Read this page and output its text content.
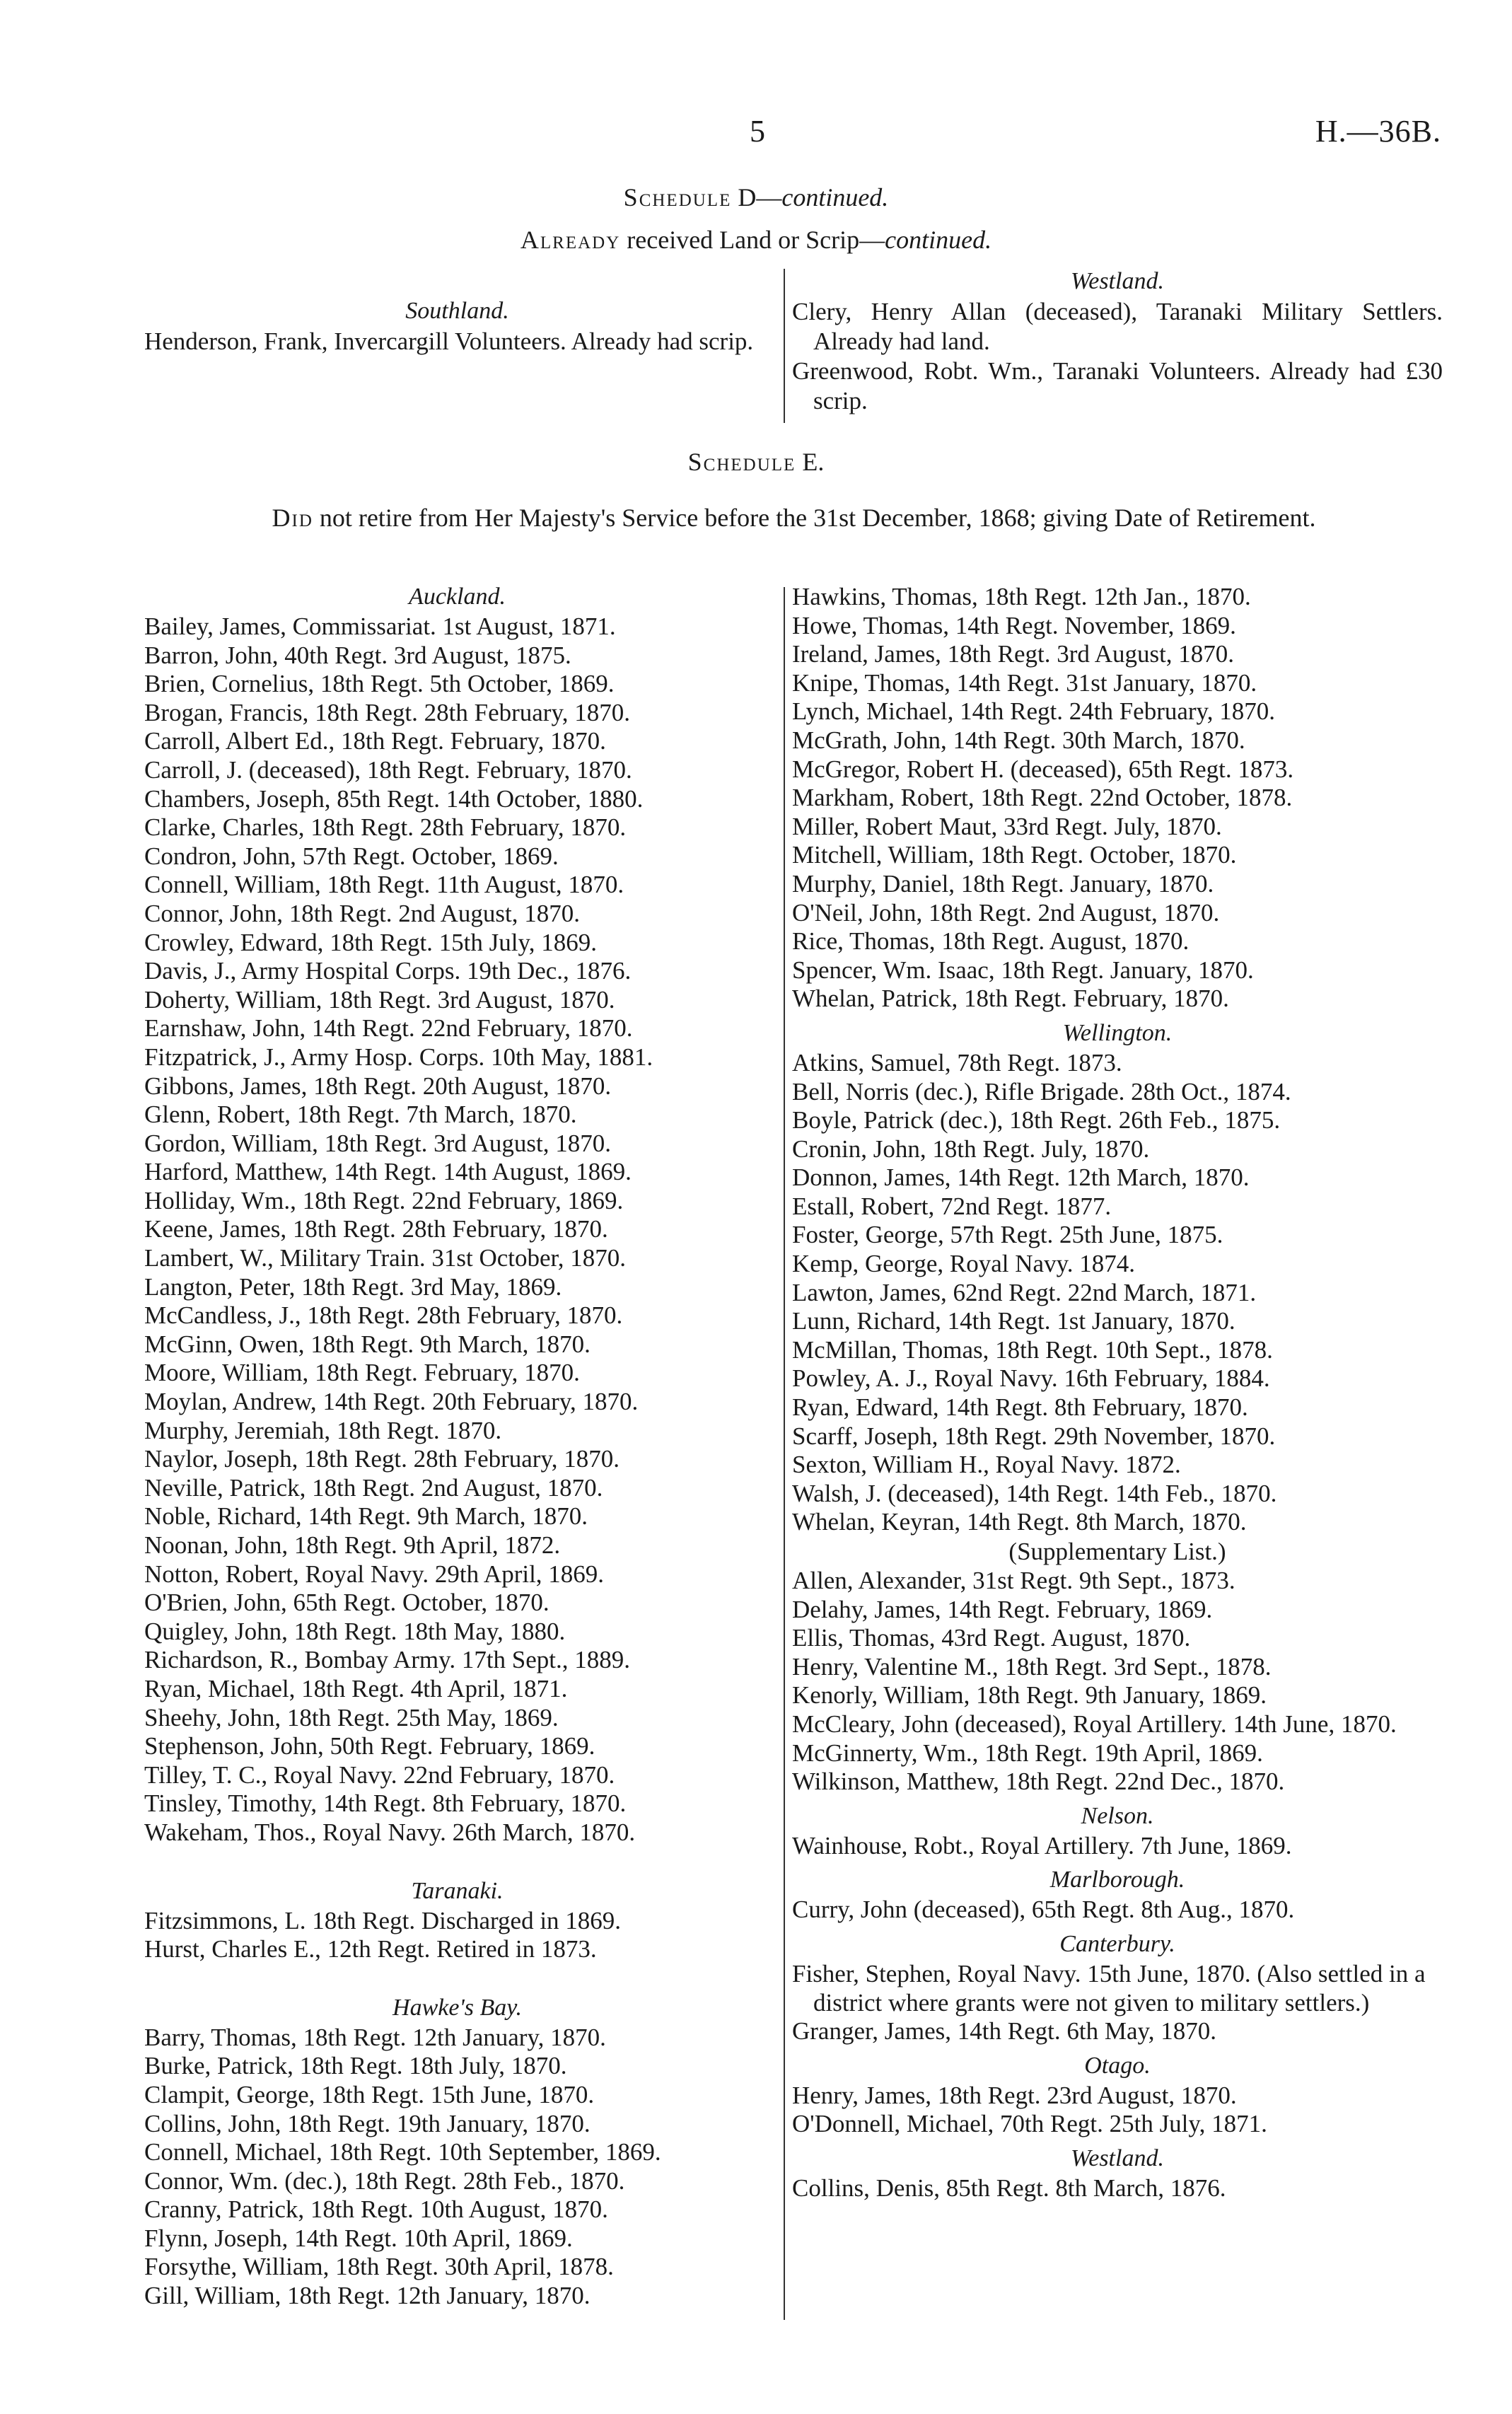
5	H.—36B.
Schedule D—continued.
Already received Land or Scrip—continued.
Southland.
Henderson, Frank, Invercargill Volunteers. Already had scrip.
Westland.
Clery, Henry Allan (deceased), Taranaki Military Settlers. Already had land.
Greenwood, Robt. Wm., Taranaki Volunteers. Already had £30 scrip.
Schedule E.
Did not retire from Her Majesty's Service before the 31st December, 1868; giving Date of Retirement.
Auckland.
Bailey, James, Commissariat. 1st August, 1871.
Barron, John, 40th Regt. 3rd August, 1875.
Brien, Cornelius, 18th Regt. 5th October, 1869.
Brogan, Francis, 18th Regt. 28th February, 1870.
Carroll, Albert Ed., 18th Regt. February, 1870.
Carroll, J. (deceased), 18th Regt. February, 1870.
Chambers, Joseph, 85th Regt. 14th October, 1880.
Clarke, Charles, 18th Regt. 28th February, 1870.
Condron, John, 57th Regt. October, 1869.
Connell, William, 18th Regt. 11th August, 1870.
Connor, John, 18th Regt. 2nd August, 1870.
Crowley, Edward, 18th Regt. 15th July, 1869.
Davis, J., Army Hospital Corps. 19th Dec., 1876.
Doherty, William, 18th Regt. 3rd August, 1870.
Earnshaw, John, 14th Regt. 22nd February, 1870.
Fitzpatrick, J., Army Hosp. Corps. 10th May, 1881.
Gibbons, James, 18th Regt. 20th August, 1870.
Glenn, Robert, 18th Regt. 7th March, 1870.
Gordon, William, 18th Regt. 3rd August, 1870.
Harford, Matthew, 14th Regt. 14th August, 1869.
Holliday, Wm., 18th Regt. 22nd February, 1869.
Keene, James, 18th Regt. 28th February, 1870.
Lambert, W., Military Train. 31st October, 1870.
Langton, Peter, 18th Regt. 3rd May, 1869.
McCandless, J., 18th Regt. 28th February, 1870.
McGinn, Owen, 18th Regt. 9th March, 1870.
Moore, William, 18th Regt. February, 1870.
Moylan, Andrew, 14th Regt. 20th February, 1870.
Murphy, Jeremiah, 18th Regt. 1870.
Naylor, Joseph, 18th Regt. 28th February, 1870.
Neville, Patrick, 18th Regt. 2nd August, 1870.
Noble, Richard, 14th Regt. 9th March, 1870.
Noonan, John, 18th Regt. 9th April, 1872.
Notton, Robert, Royal Navy. 29th April, 1869.
O'Brien, John, 65th Regt. October, 1870.
Quigley, John, 18th Regt. 18th May, 1880.
Richardson, R., Bombay Army. 17th Sept., 1889.
Ryan, Michael, 18th Regt. 4th April, 1871.
Sheehy, John, 18th Regt. 25th May, 1869.
Stephenson, John, 50th Regt. February, 1869.
Tilley, T. C., Royal Navy. 22nd February, 1870.
Tinsley, Timothy, 14th Regt. 8th February, 1870.
Wakeham, Thos., Royal Navy. 26th March, 1870.
Taranaki.
Fitzsimmons, L. 18th Regt. Discharged in 1869.
Hurst, Charles E., 12th Regt. Retired in 1873.
Hawke's Bay.
Barry, Thomas, 18th Regt. 12th January, 1870.
Burke, Patrick, 18th Regt. 18th July, 1870.
Clampit, George, 18th Regt. 15th June, 1870.
Collins, John, 18th Regt. 19th January, 1870.
Connell, Michael, 18th Regt. 10th September, 1869.
Connor, Wm. (dec.), 18th Regt. 28th Feb., 1870.
Cranny, Patrick, 18th Regt. 10th August, 1870.
Flynn, Joseph, 14th Regt. 10th April, 1869.
Forsythe, William, 18th Regt. 30th April, 1878.
Gill, William, 18th Regt. 12th January, 1870.
Hawkins, Thomas, 18th Regt. 12th Jan., 1870.
Howe, Thomas, 14th Regt. November, 1869.
Ireland, James, 18th Regt. 3rd August, 1870.
Knipe, Thomas, 14th Regt. 31st January, 1870.
Lynch, Michael, 14th Regt. 24th February, 1870.
McGrath, John, 14th Regt. 30th March, 1870.
McGregor, Robert H. (deceased), 65th Regt. 1873.
Markham, Robert, 18th Regt. 22nd October, 1878.
Miller, Robert Maut, 33rd Regt. July, 1870.
Mitchell, William, 18th Regt. October, 1870.
Murphy, Daniel, 18th Regt. January, 1870.
O'Neil, John, 18th Regt. 2nd August, 1870.
Rice, Thomas, 18th Regt. August, 1870.
Spencer, Wm. Isaac, 18th Regt. January, 1870.
Whelan, Patrick, 18th Regt. February, 1870.
Wellington.
Atkins, Samuel, 78th Regt. 1873.
Bell, Norris (dec.), Rifle Brigade. 28th Oct., 1874.
Boyle, Patrick (dec.), 18th Regt. 26th Feb., 1875.
Cronin, John, 18th Regt. July, 1870.
Donnon, James, 14th Regt. 12th March, 1870.
Estall, Robert, 72nd Regt. 1877.
Foster, George, 57th Regt. 25th June, 1875.
Kemp, George, Royal Navy. 1874.
Lawton, James, 62nd Regt. 22nd March, 1871.
Lunn, Richard, 14th Regt. 1st January, 1870.
McMillan, Thomas, 18th Regt. 10th Sept., 1878.
Powley, A. J., Royal Navy. 16th February, 1884.
Ryan, Edward, 14th Regt. 8th February, 1870.
Scarff, Joseph, 18th Regt. 29th November, 1870.
Sexton, William H., Royal Navy. 1872.
Walsh, J. (deceased), 14th Regt. 14th Feb., 1870.
Whelan, Keyran, 14th Regt. 8th March, 1870.
(Supplementary List.)
Allen, Alexander, 31st Regt. 9th Sept., 1873.
Delahy, James, 14th Regt. February, 1869.
Ellis, Thomas, 43rd Regt. August, 1870.
Henry, Valentine M., 18th Regt. 3rd Sept., 1878.
Kenorly, William, 18th Regt. 9th January, 1869.
McCleary, John (deceased), Royal Artillery. 14th June, 1870.
McGinnerty, Wm., 18th Regt. 19th April, 1869.
Wilkinson, Matthew, 18th Regt. 22nd Dec., 1870.
Nelson.
Wainhouse, Robt., Royal Artillery. 7th June, 1869.
Marlborough.
Curry, John (deceased), 65th Regt. 8th Aug., 1870.
Canterbury.
Fisher, Stephen, Royal Navy. 15th June, 1870. (Also settled in a district where grants were not given to military settlers.)
Granger, James, 14th Regt. 6th May, 1870.
Otago.
Henry, James, 18th Regt. 23rd August, 1870.
O'Donnell, Michael, 70th Regt. 25th July, 1871.
Westland.
Collins, Denis, 85th Regt. 8th March, 1876.
